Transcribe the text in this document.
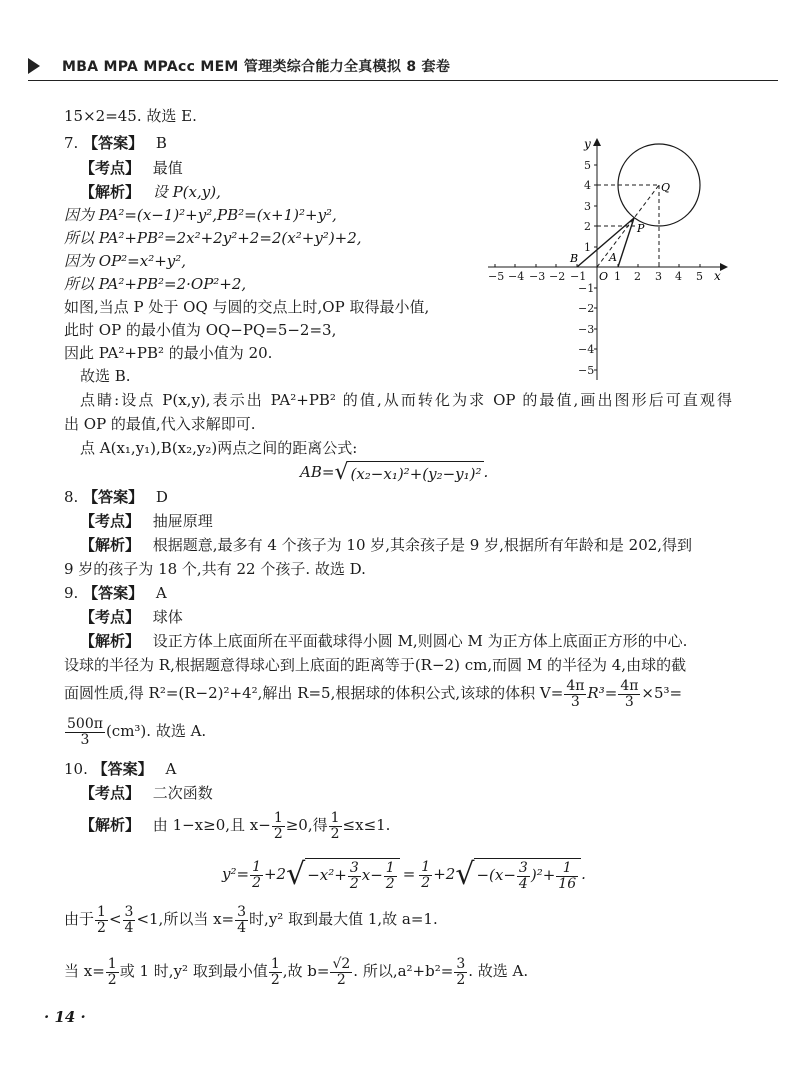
MBA MPA MPAcc MEM 管理类综合能力全真模拟 8 套卷
15×2=45. 故选 E.
7. 【答案】 B
【考点】 最值
【解析】 设 P(x,y),
因为 PA²=(x−1)²+y²,PB²=(x+1)²+y²,
所以 PA²+PB²=2x²+2y²+2=2(x²+y²)+2,
因为 OP²=x²+y²,
所以 PA²+PB²=2·OP²+2,
如图,当点 P 处于 OQ 与圆的交点上时,OP 取得最小值,
此时 OP 的最小值为 OQ−PQ=5−2=3,
因此 PA²+PB² 的最小值为 20.
故选 B.
x
y
O
−5 −4 −3 −2 −1	1 2 3 4 5
5
4
3
2
1
−1
−2
−3
−4
−5
A
B
P
Q
点睛:设点 P(x,y),表示出 PA²+PB² 的值,从而转化为求 OP 的最值,画出图形后可直观得
出 OP 的最值,代入求解即可.
点 A(x₁,y₁),B(x₂,y₂)两点之间的距离公式:
AB=√ (x₂−x₁)²+(y₂−y₁)² .
8. 【答案】 D
【考点】 抽屉原理
【解析】 根据题意,最多有 4 个孩子为 10 岁,其余孩子是 9 岁,根据所有年龄和是 202,得到
9 岁的孩子为 18 个,共有 22 个孩子. 故选 D.
9. 【答案】 A
【考点】 球体
【解析】 设正方体上底面所在平面截球得小圆 M,则圆心 M 为正方体上底面正方形的中心.
设球的半径为 R,根据题意得球心到上底面的距离等于(R−2) cm,而圆 M 的半径为 4,由球的截
面圆性质,得 R²=(R−2)²+4²,解出 R=5,根据球的体积公式,该球的体积 $V= \frac{4\pi}{3} R^3= \frac{4\pi}{3} \times 5^3=$
$\frac{500\pi}{3} (cm^3)$. 故选 A.
10. 【答案】 A
【考点】 二次函数
【解析】 由 1−x≥0,且 $x- \frac{1}{2} \ge 0$,得 $\frac{1}{2} \le x\le 1$.
$y^2= \frac{1}{2} +2√ -x^2+ \frac{3}{2} x- \frac{1}{2} = \frac{1}{2} +2√ -(x- \frac{3}{4} )^2+ \frac{1}{16}$ .
由于 $\frac{1}{2} < \frac{3}{4} <1$,所以当 $x= \frac{3}{4}$ 时,y² 取到最大值 1,故 a=1.
当 $x= \frac{1}{2}$ 或 1 时,y² 取到最小值 $\frac{1}{2}$ ,故 $b= \frac{√2}{2}$ . 所以$,a^2+b^2= \frac{3}{2}$ . 故选 A.
· 14 ·
